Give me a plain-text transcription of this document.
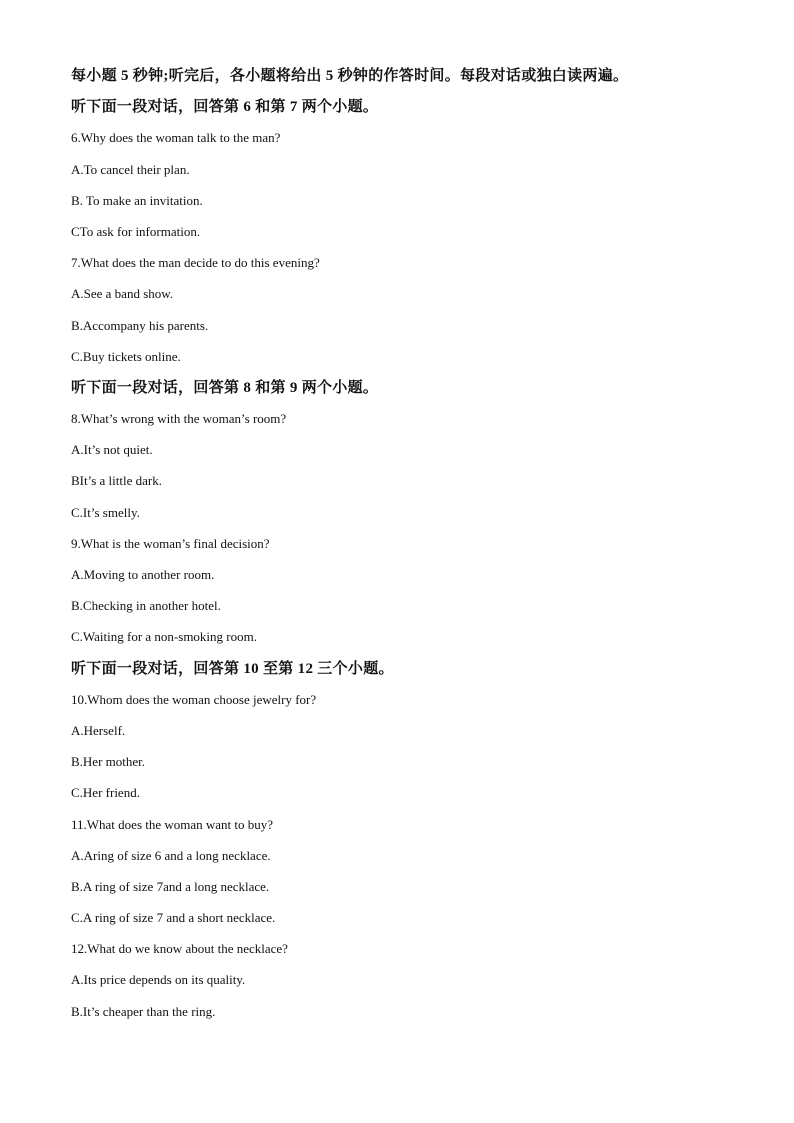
每小题 5 秒钟;听完后，各小题将给出 5 秒钟的作答时间。每段对话或独白读两遍。
听下面一段对话，回答第 6 和第 7 两个小题。
6.Why does the woman talk to the man?
A.To cancel their plan.
B. To make an invitation.
CTo ask for information.
7.What does the man decide to do this evening?
A.See a band show.
B.Accompany his parents.
C.Buy tickets online.
听下面一段对话，回答第 8 和第 9 两个小题。
8.What’s wrong with the woman’s room?
A.It’s not quiet.
BIt’s a little dark.
C.It’s smelly.
9.What is the woman’s final decision?
A.Moving to another room.
B.Checking in another hotel.
C.Waiting for a non-smoking room.
听下面一段对话，回答第 10 至第 12 三个小题。
10.Whom does the woman choose jewelry for?
A.Herself.
B.Her mother.
C.Her friend.
11.What does the woman want to buy?
A.Aring of size 6 and a long necklace.
B.A ring of size 7and a long necklace.
C.A ring of size 7 and a short necklace.
12.What do we know about the necklace?
A.Its price depends on its quality.
B.It’s cheaper than the ring.
